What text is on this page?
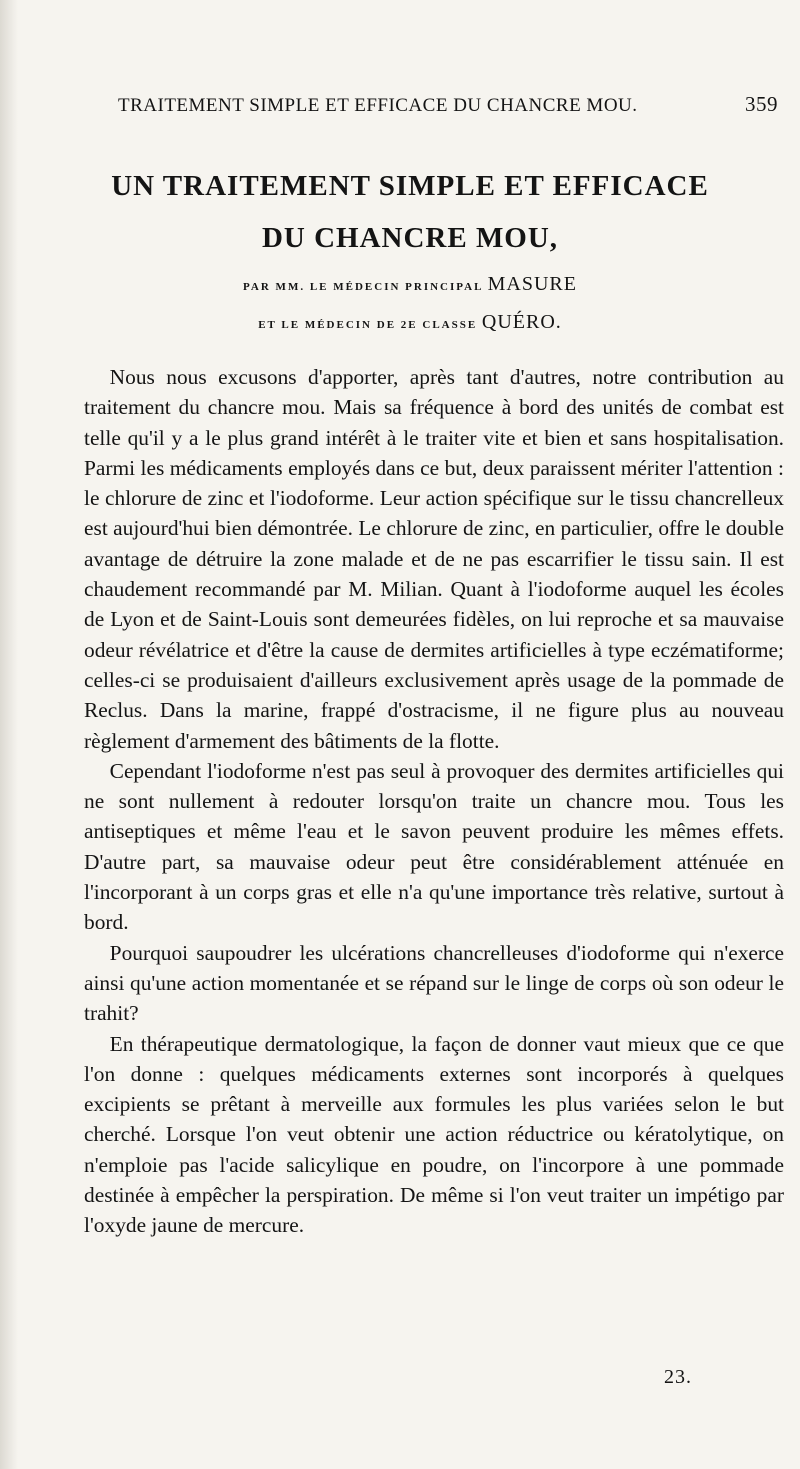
TRAITEMENT SIMPLE ET EFFICACE DU CHANCRE MOU.	359
UN TRAITEMENT SIMPLE ET EFFICACE
DU CHANCRE MOU,
PAR MM. LE MÉDECIN PRINCIPAL MASURE
ET LE MÉDECIN DE 2E CLASSE QUÉRO.

Nous nous excusons d'apporter, après tant d'autres, notre contribution au traitement du chancre mou. Mais sa fréquence à bord des unités de combat est telle qu'il y a le plus grand intérêt à le traiter vite et bien et sans hospitalisation. Parmi les médicaments employés dans ce but, deux paraissent mériter l'attention : le chlorure de zinc et l'iodoforme. Leur action spécifique sur le tissu chancrelleux est aujourd'hui bien démontrée. Le chlorure de zinc, en particulier, offre le double avantage de détruire la zone malade et de ne pas escarrifier le tissu sain. Il est chaudement recommandé par M. Milian. Quant à l'iodoforme auquel les écoles de Lyon et de Saint-Louis sont demeurées fidèles, on lui reproche et sa mauvaise odeur révélatrice et d'être la cause de dermites artificielles à type eczématiforme; celles-ci se produisaient d'ailleurs exclusivement après usage de la pommade de Reclus. Dans la marine, frappé d'ostracisme, il ne figure plus au nouveau règlement d'armement des bâtiments de la flotte.

Cependant l'iodoforme n'est pas seul à provoquer des dermites artificielles qui ne sont nullement à redouter lorsqu'on traite un chancre mou. Tous les antiseptiques et même l'eau et le savon peuvent produire les mêmes effets. D'autre part, sa mauvaise odeur peut être considérablement atténuée en l'incorporant à un corps gras et elle n'a qu'une importance très relative, surtout à bord.

Pourquoi saupoudrer les ulcérations chancrelleuses d'iodoforme qui n'exerce ainsi qu'une action momentanée et se répand sur le linge de corps où son odeur le trahit?

En thérapeutique dermatologique, la façon de donner vaut mieux que ce que l'on donne : quelques médicaments externes sont incorporés à quelques excipients se prêtant à merveille aux formules les plus variées selon le but cherché. Lorsque l'on veut obtenir une action réductrice ou kératolytique, on n'emploie pas l'acide salicylique en poudre, on l'incorpore à une pommade destinée à empêcher la perspiration. De même si l'on veut traiter un impétigo par l'oxyde jaune de mercure.

23.
